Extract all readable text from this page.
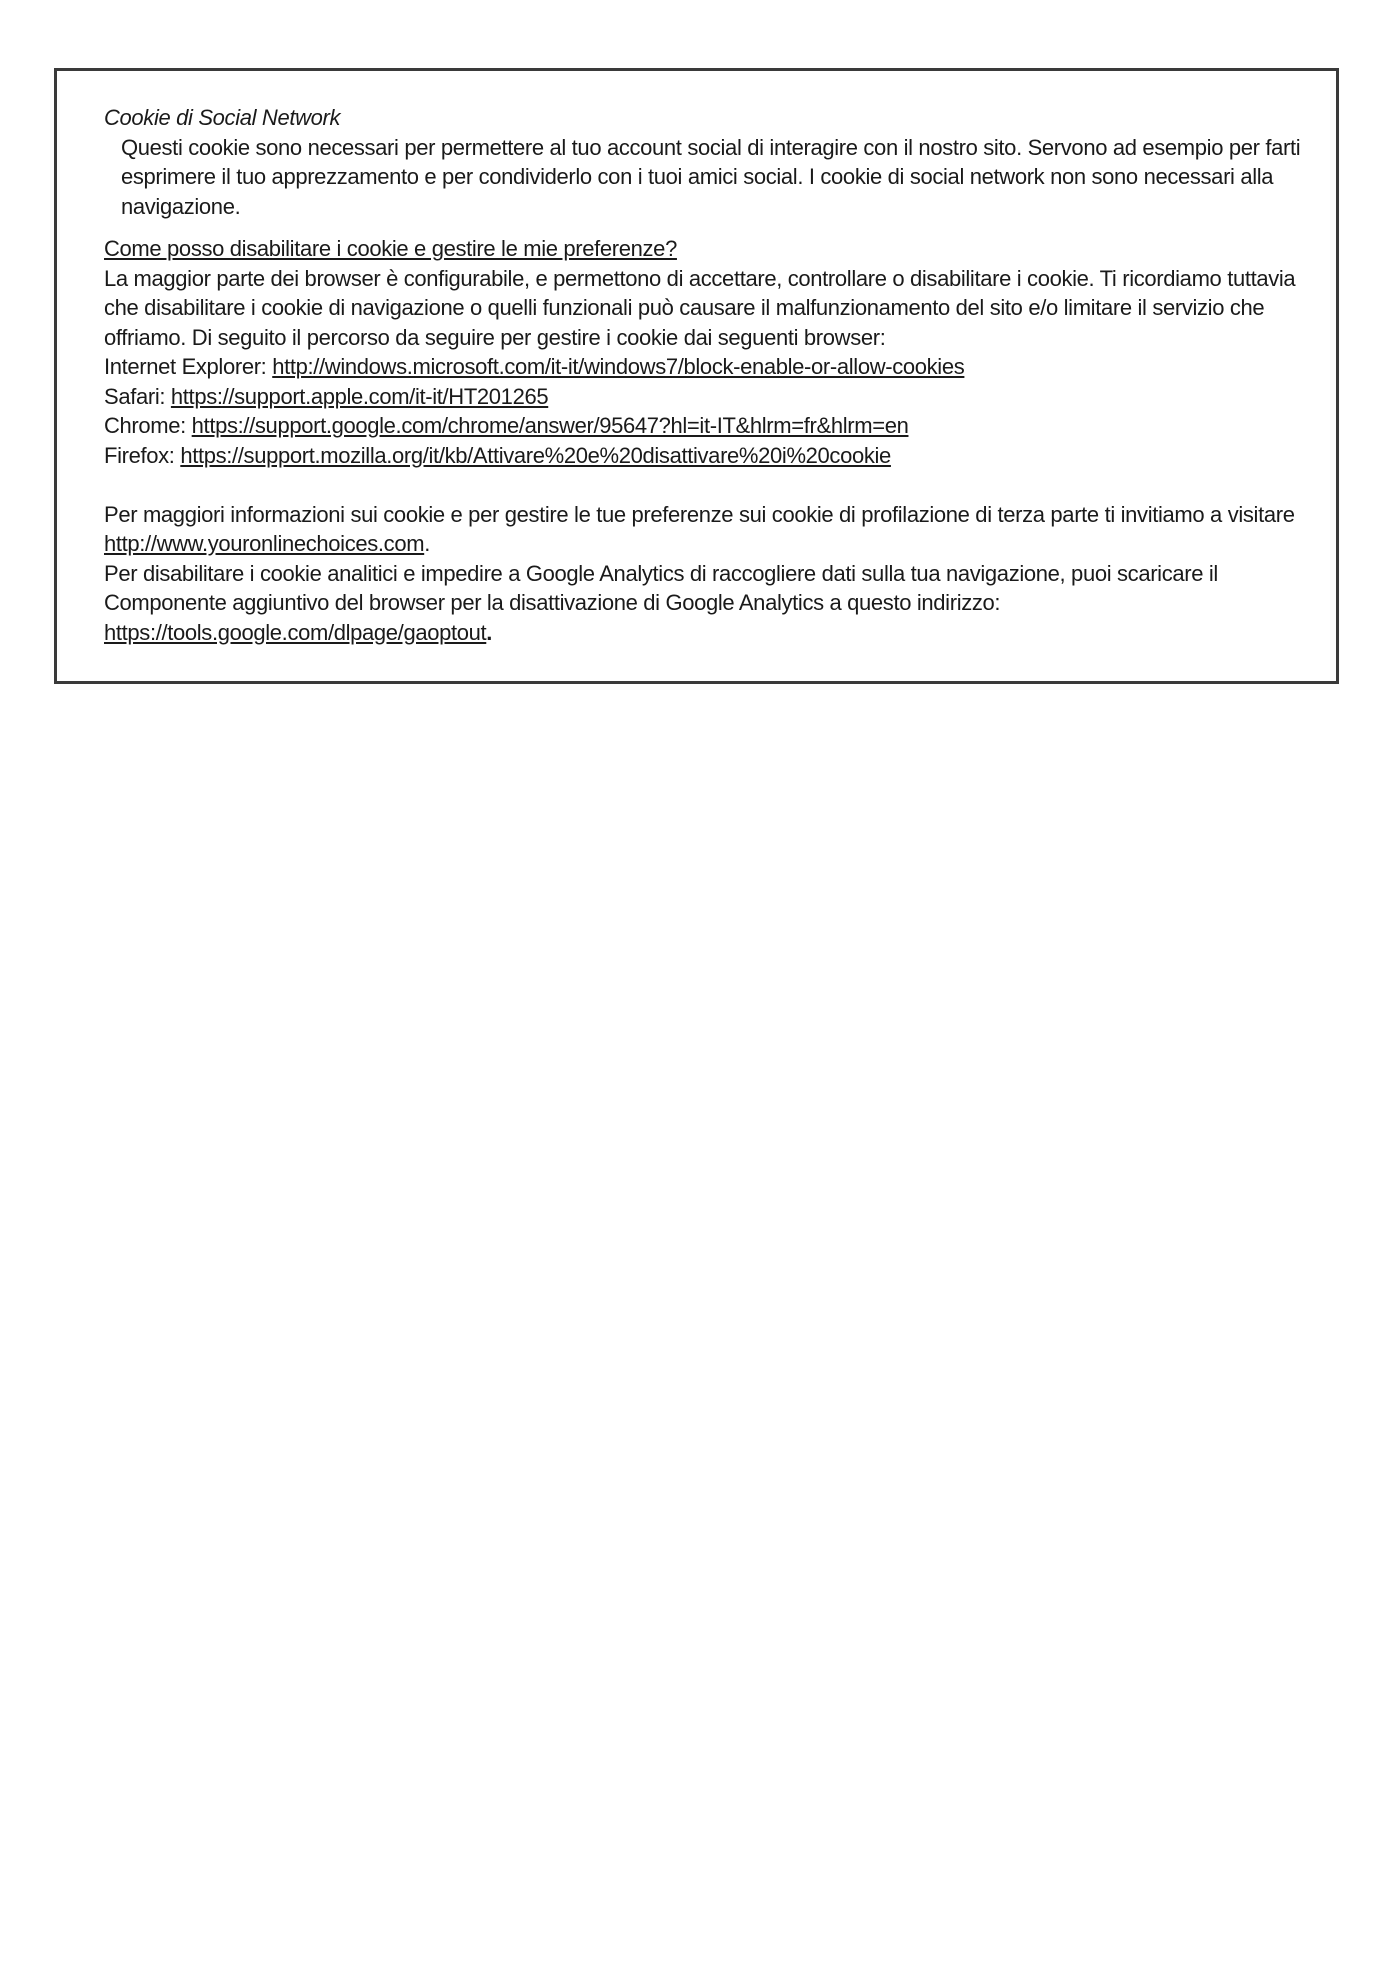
Cookie di Social Network

Questi cookie sono necessari per permettere al tuo account social di interagire con il nostro sito. Servono ad esempio per farti esprimere il tuo apprezzamento e per condividerlo con i tuoi amici social. I cookie di social network non sono necessari alla navigazione.

Come posso disabilitare i cookie e gestire le mie preferenze?

La maggior parte dei browser è configurabile, e permettono di accettare, controllare o disabilitare i cookie. Ti ricordiamo tuttavia che disabilitare i cookie di navigazione o quelli funzionali può causare il malfunzionamento del sito e/o limitare il servizio che offriamo. Di seguito il percorso da seguire per gestire i cookie dai seguenti browser:

Internet Explorer: http://windows.microsoft.com/it-it/windows7/block-enable-or-allow-cookies

Safari: https://support.apple.com/it-it/HT201265

Chrome: https://support.google.com/chrome/answer/95647?hl=it-IT&hlrm=fr&hlrm=en

Firefox: https://support.mozilla.org/it/kb/Attivare%20e%20disattivare%20i%20cookie

Per maggiori informazioni sui cookie e per gestire le tue preferenze sui cookie di profilazione di terza parte ti invitiamo a visitare http://www.youronlinechoices.com.

Per disabilitare i cookie analitici e impedire a Google Analytics di raccogliere dati sulla tua navigazione, puoi scaricare il Componente aggiuntivo del browser per la disattivazione di Google Analytics a questo indirizzo: https://tools.google.com/dlpage/gaoptout.
